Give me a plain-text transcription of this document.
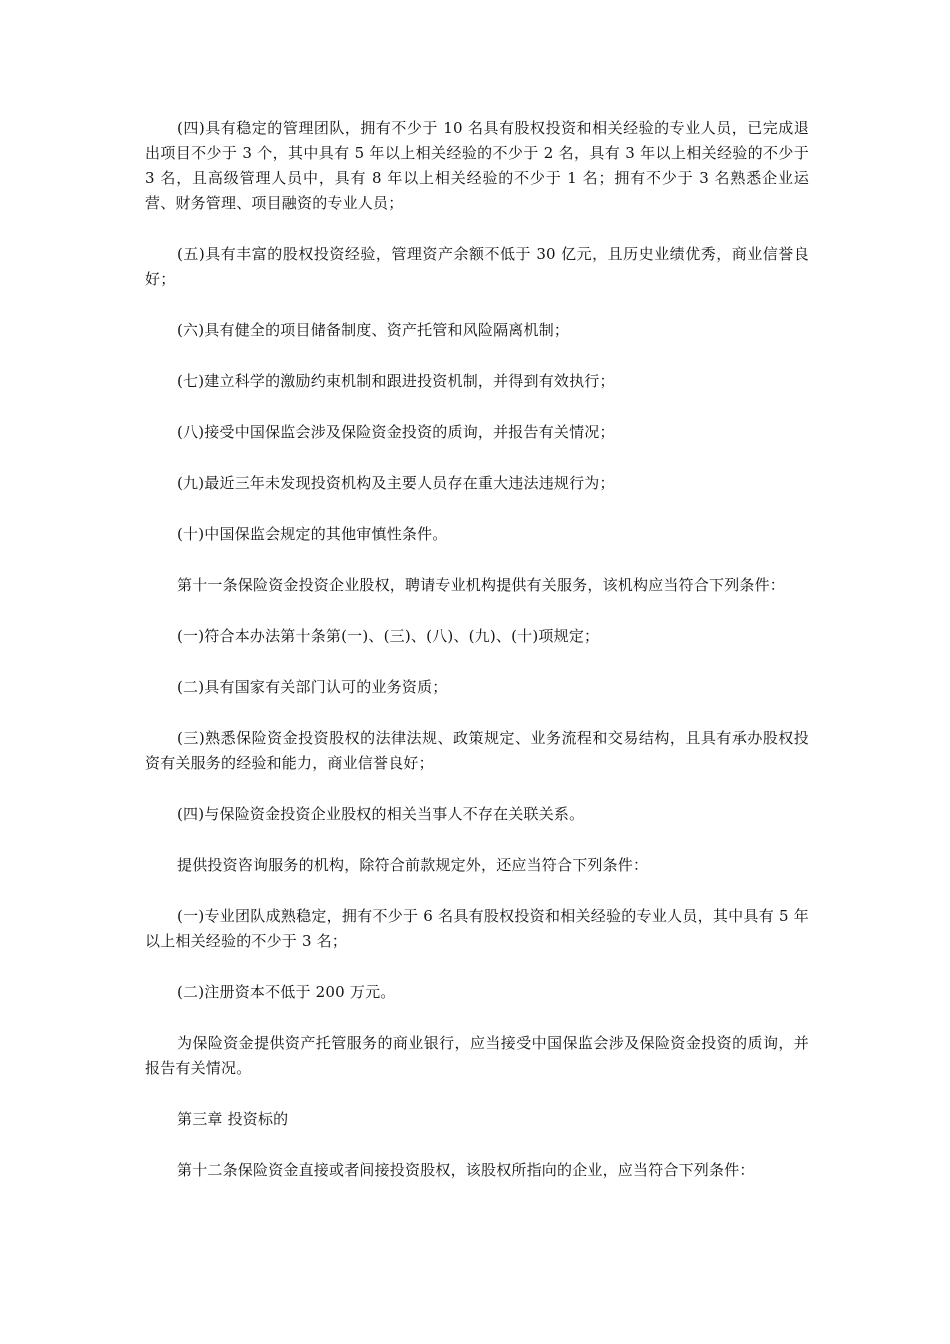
(四)具有稳定的管理团队，拥有不少于 10 名具有股权投资和相关经验的专业人员，已完成退出项目不少于 3 个，其中具有 5 年以上相关经验的不少于 2 名，具有 3 年以上相关经验的不少于 3 名，且高级管理人员中，具有 8 年以上相关经验的不少于 1 名；拥有不少于 3 名熟悉企业运营、财务管理、项目融资的专业人员；

(五)具有丰富的股权投资经验，管理资产余额不低于 30 亿元，且历史业绩优秀，商业信誉良好；

(六)具有健全的项目储备制度、资产托管和风险隔离机制；

(七)建立科学的激励约束机制和跟进投资机制，并得到有效执行；

(八)接受中国保监会涉及保险资金投资的质询，并报告有关情况；

(九)最近三年未发现投资机构及主要人员存在重大违法违规行为；

(十)中国保监会规定的其他审慎性条件。

第十一条保险资金投资企业股权，聘请专业机构提供有关服务，该机构应当符合下列条件：

(一)符合本办法第十条第(一)、(三)、(八)、(九)、(十)项规定；

(二)具有国家有关部门认可的业务资质；

(三)熟悉保险资金投资股权的法律法规、政策规定、业务流程和交易结构，且具有承办股权投资有关服务的经验和能力，商业信誉良好；

(四)与保险资金投资企业股权的相关当事人不存在关联关系。

提供投资咨询服务的机构，除符合前款规定外，还应当符合下列条件：

(一)专业团队成熟稳定，拥有不少于 6 名具有股权投资和相关经验的专业人员，其中具有 5 年以上相关经验的不少于 3 名；

(二)注册资本不低于 200 万元。

为保险资金提供资产托管服务的商业银行，应当接受中国保监会涉及保险资金投资的质询，并报告有关情况。

第三章 投资标的

第十二条保险资金直接或者间接投资股权，该股权所指向的企业，应当符合下列条件：
